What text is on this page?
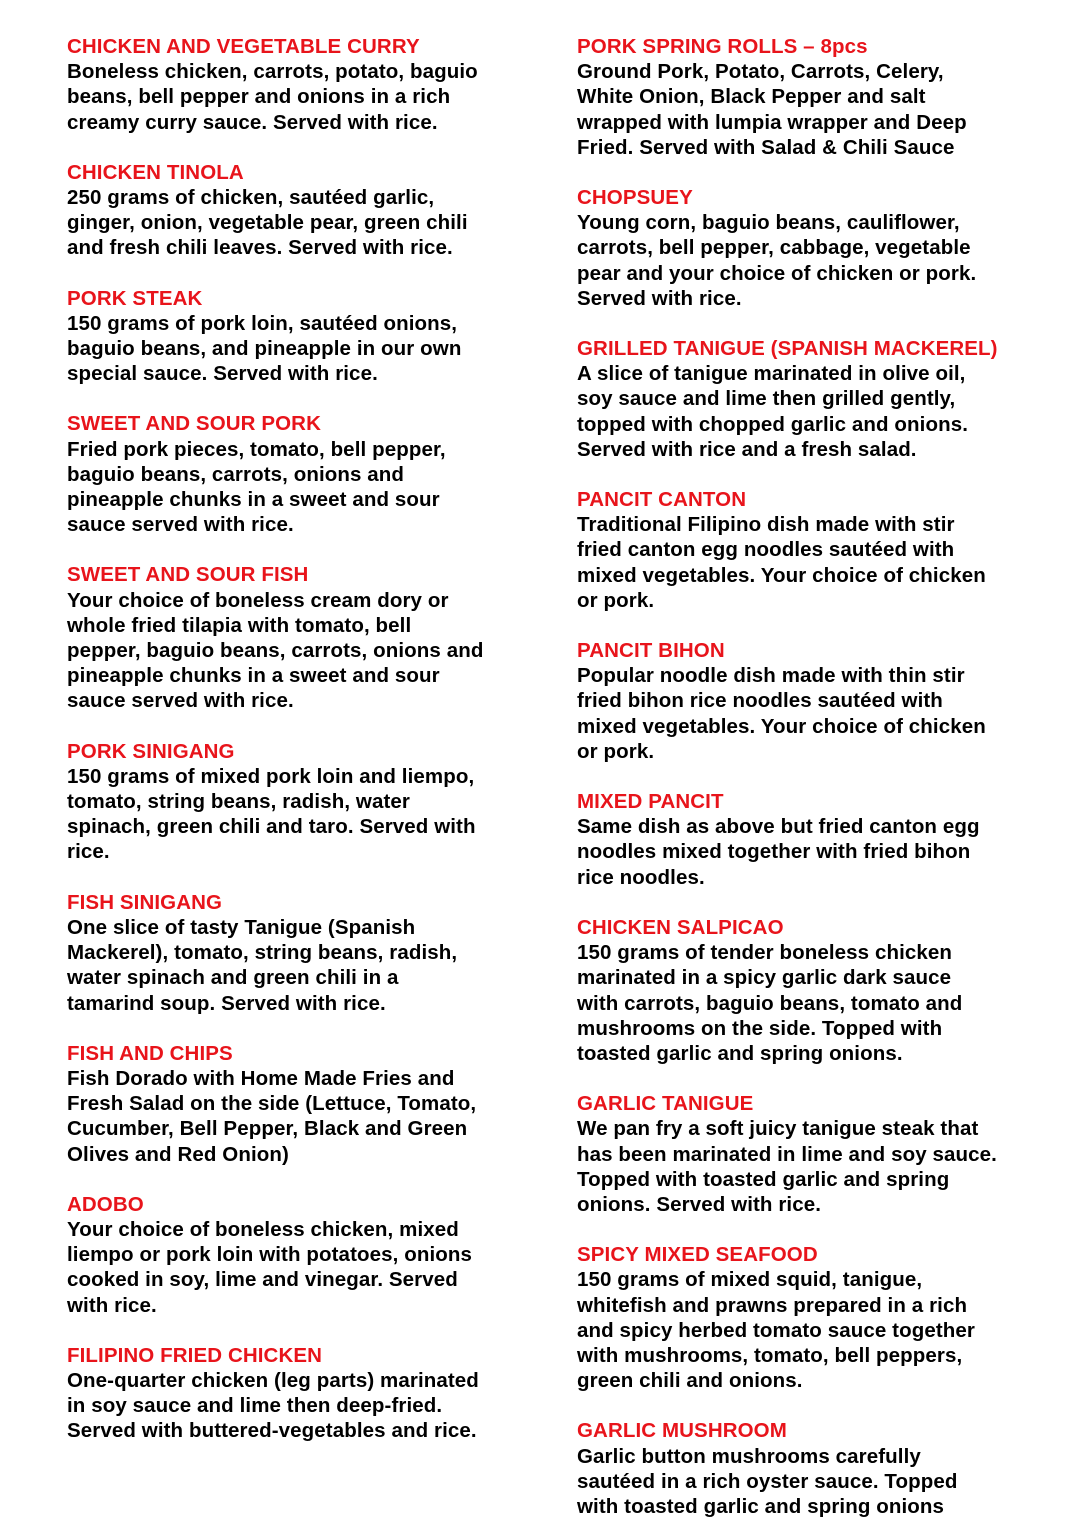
CHICKEN AND VEGETABLE CURRY
Boneless chicken, carrots, potato, baguio
beans, bell pepper and onions in a rich
creamy curry sauce. Served with rice.
CHICKEN TINOLA
250 grams of chicken, sautéed garlic,
ginger, onion, vegetable pear, green chili
and fresh chili leaves. Served with rice.
PORK STEAK
150 grams of pork loin, sautéed onions,
baguio beans, and pineapple in our own
special sauce. Served with rice.
SWEET AND SOUR PORK
Fried pork pieces, tomato, bell pepper,
baguio beans, carrots, onions and
pineapple chunks in a sweet and sour
sauce served with rice.
SWEET AND SOUR FISH
Your choice of boneless cream dory or
whole fried tilapia with tomato, bell
pepper, baguio beans, carrots, onions and
pineapple chunks in a sweet and sour
sauce served with rice.
PORK SINIGANG
150 grams of mixed pork loin and liempo,
tomato, string beans, radish, water
spinach, green chili and taro. Served with
rice.
FISH SINIGANG
One slice of tasty Tanigue (Spanish
Mackerel), tomato, string beans, radish,
water spinach and green chili in a
tamarind soup. Served with rice.
FISH AND CHIPS
Fish Dorado with Home Made Fries and
Fresh Salad on the side (Lettuce, Tomato,
Cucumber, Bell Pepper, Black and Green
Olives and Red Onion)
ADOBO
Your choice of boneless chicken, mixed
liempo or pork loin with potatoes, onions
cooked in soy, lime and vinegar. Served
with rice.
FILIPINO FRIED CHICKEN
One-quarter chicken (leg parts) marinated
in soy sauce and lime then deep-fried.
Served with buttered-vegetables and rice.
PORK SPRING ROLLS – 8pcs
Ground Pork, Potato, Carrots, Celery,
White Onion, Black Pepper and salt
wrapped with lumpia wrapper and Deep
Fried. Served with Salad & Chili Sauce
CHOPSUEY
Young corn, baguio beans, cauliflower,
carrots, bell pepper, cabbage, vegetable
pear and your choice of chicken or pork.
Served with rice.
GRILLED TANIGUE (SPANISH MACKEREL)
A slice of tanigue marinated in olive oil,
soy sauce and lime then grilled gently,
topped with chopped garlic and onions.
Served with rice and a fresh salad.
PANCIT CANTON
Traditional Filipino dish made with stir
fried canton egg noodles sautéed with
mixed vegetables. Your choice of chicken
or pork.
PANCIT BIHON
Popular noodle dish made with thin stir
fried bihon rice noodles sautéed with
mixed vegetables. Your choice of chicken
or pork.
MIXED PANCIT
Same dish as above but fried canton egg
noodles mixed together with fried bihon
rice noodles.
CHICKEN SALPICAO
150 grams of tender boneless chicken
marinated in a spicy garlic dark sauce
with carrots, baguio beans, tomato and
mushrooms on the side. Topped with
toasted garlic and spring onions.
GARLIC TANIGUE
We pan fry a soft juicy tanigue steak that
has been marinated in lime and soy sauce.
Topped with toasted garlic and spring
onions. Served with rice.
SPICY MIXED SEAFOOD
150 grams of mixed squid, tanigue,
whitefish and prawns prepared in a rich
and spicy herbed tomato sauce together
with mushrooms, tomato, bell peppers,
green chili and onions.
GARLIC MUSHROOM
Garlic button mushrooms carefully
sautéed in a rich oyster sauce. Topped
with toasted garlic and spring onions
